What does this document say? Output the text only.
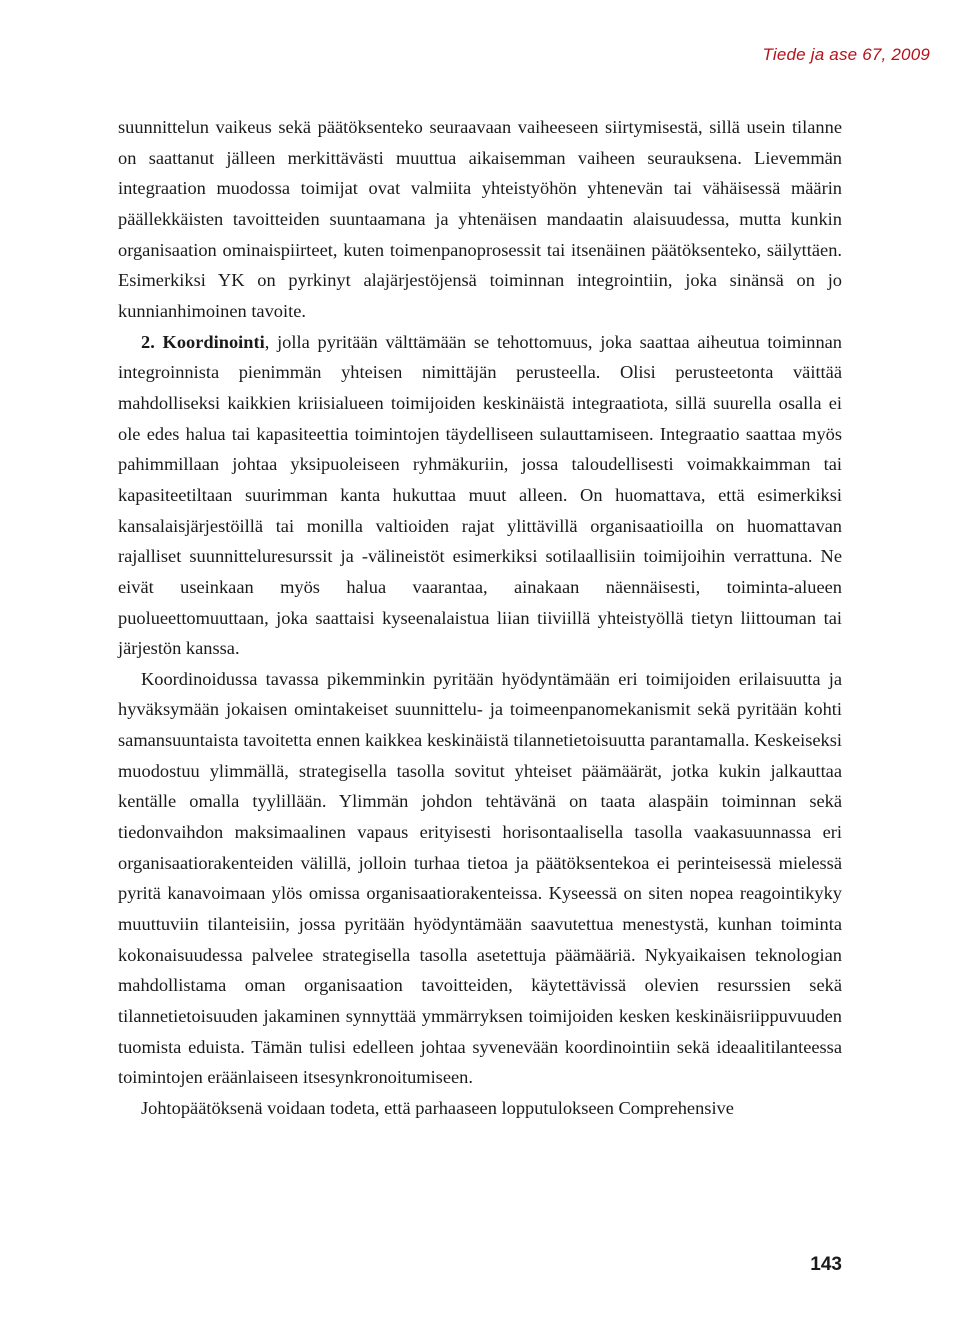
Tiede ja ase 67, 2009

suunnittelun vaikeus sekä päätöksenteko seuraavaan vaiheeseen siirtymisestä, sillä usein tilanne on saattanut jälleen merkittävästi muuttua aikaisemman vaiheen seurauksena. Lievemmän integraation muodossa toimijat ovat valmiita yhteistyöhön yhtenevän tai vähäisessä määrin päällekkäisten tavoitteiden suuntaamana ja yhtenäisen mandaatin alaisuudessa, mutta kunkin organisaation ominaispiirteet, kuten toimenpanoprosessit tai itsenäinen päätöksenteko, säilyttäen. Esimerkiksi YK on pyrkinyt alajärjestöjensä toiminnan integrointiin, joka sinänsä on jo kunnianhimoinen tavoite.

2. Koordinointi, jolla pyritään välttämään se tehottomuus, joka saattaa aiheutua toiminnan integroinnista pienimmän yhteisen nimittäjän perusteella. Olisi perusteetonta väittää mahdolliseksi kaikkien kriisialueen toimijoiden keskinäistä integraatiota, sillä suurella osalla ei ole edes halua tai kapasiteettia toimintojen täydelliseen sulauttamiseen. Integraatio saattaa myös pahimmillaan johtaa yksipuoleiseen ryhmäkuriin, jossa taloudellisesti voimakkaimman tai kapasiteetiltaan suurimman kanta hukuttaa muut alleen. On huomattava, että esimerkiksi kansalaisjärjestöillä tai monilla valtioiden rajat ylittävillä organisaatioilla on huomattavan rajalliset suunnitteluresurssit ja -välineistöt esimerkiksi sotilaallisiin toimijoihin verrattuna. Ne eivät useinkaan myös halua vaarantaa, ainakaan näennäisesti, toiminta-alueen puolueettomuuttaan, joka saattaisi kyseenalaistua liian tiiviillä yhteistyöllä tietyn liittouman tai järjestön kanssa.

Koordinoidussa tavassa pikemminkin pyritään hyödyntämään eri toimijoiden erilaisuutta ja hyväksymään jokaisen omintakeiset suunnittelu- ja toimeenpanomekanismit sekä pyritään kohti samansuuntaista tavoitetta ennen kaikkea keskinäistä tilannetietoisuutta parantamalla. Keskeiseksi muodostuu ylimmällä, strategisella tasolla sovitut yhteiset päämäärät, jotka kukin jalkauttaa kentälle omalla tyylillään. Ylimmän johdon tehtävänä on taata alaspäin toiminnan sekä tiedonvaihdon maksimaalinen vapaus erityisesti horisontaalisella tasolla vaakasuunnassa eri organisaatiorakenteiden välillä, jolloin turhaa tietoa ja päätöksentekoa ei perinteisessä mielessä pyritä kanavoimaan ylös omissa organisaatiorakenteissa. Kyseessä on siten nopea reagointikyky muuttuviin tilanteisiin, jossa pyritään hyödyntämään saavutettua menestystä, kunhan toiminta kokonaisuudessa palvelee strategisella tasolla asetettuja päämääriä. Nykyaikaisen teknologian mahdollistama oman organisaation tavoitteiden, käytettävissä olevien resurssien sekä tilannetietoisuuden jakaminen synnyttää ymmärryksen toimijoiden kesken keskinäisriippuvuuden tuomista eduista. Tämän tulisi edelleen johtaa syvenevään koordinointiin sekä ideaalitilanteessa toimintojen eräänlaiseen itsesynkronoitumiseen.

Johtopäätöksenä voidaan todeta, että parhaaseen lopputulokseen Comprehensive

143
